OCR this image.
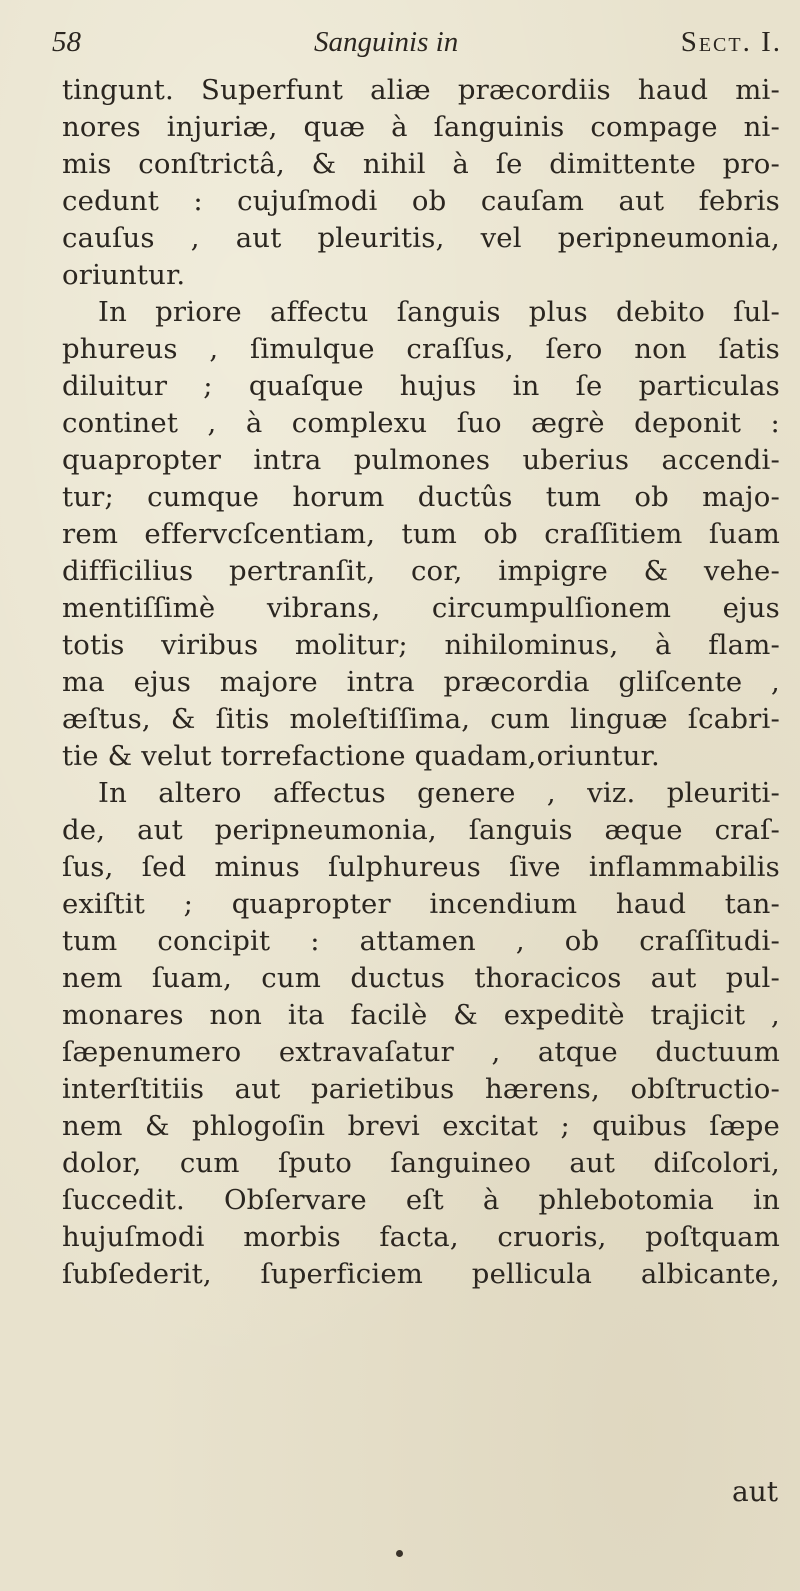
58	Sanguinis in	Sect. I.
tingunt. Superfunt aliæ præcordiis haud mi-
nores injuriæ, quæ à ſanguinis compage ni-
mis conſtrictâ, & nihil à ſe dimittente pro-
cedunt : cujuſmodi ob cauſam aut febris
cauſus , aut pleuritis, vel peripneumonia,
oriuntur.
In priore affectu ſanguis plus debito ſul-
phureus , ſimulque craſſus, ſero non ſatis
diluitur ; quaſque hujus in ſe particulas
continet , à complexu ſuo ægrè deponit :
quapropter intra pulmones uberius accendi-
tur; cumque horum ductûs tum ob majo-
rem effervcſcentiam, tum ob craſſitiem ſuam
difficilius pertranſit, cor, impigre & vehe-
mentiſſimè vibrans, circumpulſionem ejus
totis viribus molitur; nihilominus, à flam-
ma ejus majore intra præcordia gliſcente ,
æſtus, & ſitis moleſtiſſima, cum linguæ ſcabri-
tie & velut torrefactione quadam,oriuntur.
In altero affectus genere , viz. pleuriti-
de, aut peripneumonia, ſanguis æque craſ-
ſus, ſed minus ſulphureus ſive inflammabilis
exiſtit ; quapropter incendium haud tan-
tum concipit : attamen , ob craſſitudi-
nem ſuam, cum ductus thoracicos aut pul-
monares non ita facilè & expeditè trajicit ,
ſæpenumero extravaſatur , atque ductuum
interſtitiis aut parietibus hærens, obſtructio-
nem & phlogoſin brevi excitat ; quibus ſæpe
dolor, cum ſputo ſanguineo aut diſcolori,
ſuccedit. Obſervare eſt à phlebotomia in
hujuſmodi morbis facta, cruoris, poſtquam
ſubſederit, ſuperficiem pellicula albicante,
aut
